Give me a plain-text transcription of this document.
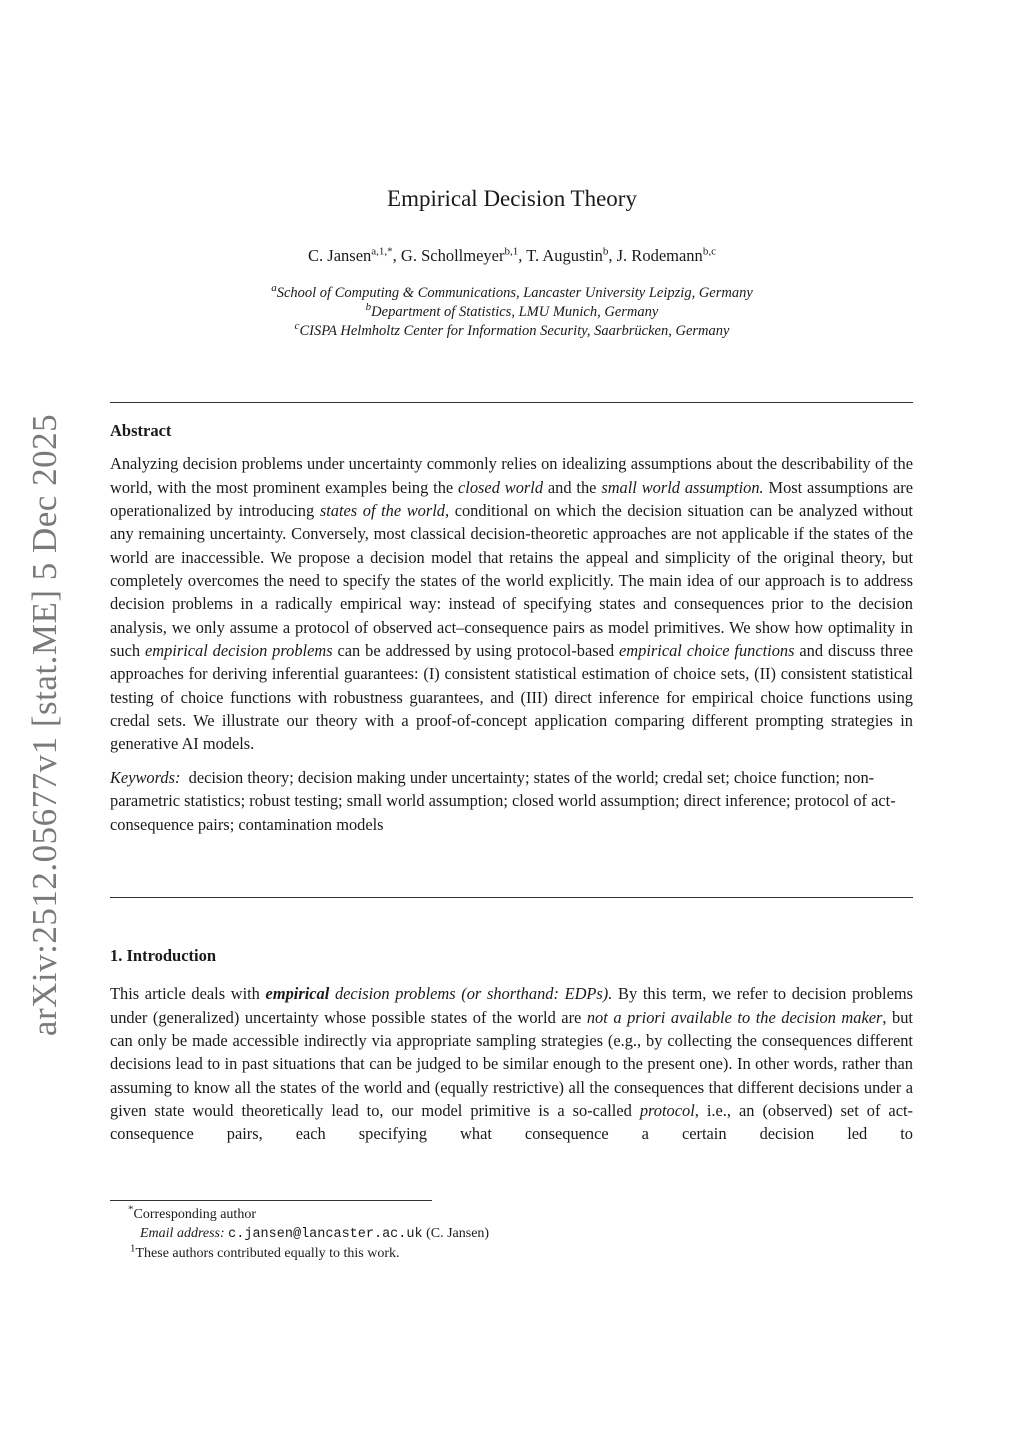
arXiv:2512.05677v1 [stat.ME] 5 Dec 2025
Empirical Decision Theory
C. Jansen$^{a,1,*}$, G. Schollmeyer$^{b,1}$, T. Augustin$^b$, J. Rodemann$^{b,c}$
$^a$School of Computing & Communications, Lancaster University Leipzig, Germany
$^b$Department of Statistics, LMU Munich, Germany
$^c$CISPA Helmholtz Center for Information Security, Saarbrücken, Germany
Abstract

Analyzing decision problems under uncertainty commonly relies on idealizing assumptions about the describability of the world, with the most prominent examples being the closed world and the small world assumption. Most assumptions are operationalized by introducing states of the world, conditional on which the decision situation can be analyzed without any remaining uncertainty. Conversely, most classical decision-theoretic approaches are not applicable if the states of the world are inaccessible. We propose a decision model that retains the appeal and simplicity of the original theory, but completely overcomes the need to specify the states of the world explicitly. The main idea of our approach is to address decision problems in a radically empirical way: instead of specifying states and consequences prior to the decision analysis, we only assume a protocol of observed act–consequence pairs as model primitives. We show how optimality in such empirical decision problems can be addressed by using protocol-based empirical choice functions and discuss three approaches for deriving inferential guarantees: (I) consistent statistical estimation of choice sets, (II) consistent statistical testing of choice functions with robustness guarantees, and (III) direct inference for empirical choice functions using credal sets. We illustrate our theory with a proof-of-concept application comparing different prompting strategies in generative AI models.

Keywords: decision theory; decision making under uncertainty; states of the world; credal set; choice function; non-parametric statistics; robust testing; small world assumption; closed world assumption; direct inference; protocol of act-consequence pairs; contamination models

1. Introduction

This article deals with empirical decision problems (or shorthand: EDPs). By this term, we refer to decision problems under (generalized) uncertainty whose possible states of the world are not a priori available to the decision maker, but can only be made accessible indirectly via appropriate sampling strategies (e.g., by collecting the consequences different decisions lead to in past situations that can be judged to be similar enough to the present one). In other words, rather than assuming to know all the states of the world and (equally restrictive) all the consequences that different decisions under a given state would theoretically lead to, our model primitive is a so-called protocol, i.e., an (observed) set of act-consequence pairs, each specifying what consequence a certain decision led to

*Corresponding author
Email address: c.jansen@lancaster.ac.uk (C. Jansen)
$^1$These authors contributed equally to this work.
